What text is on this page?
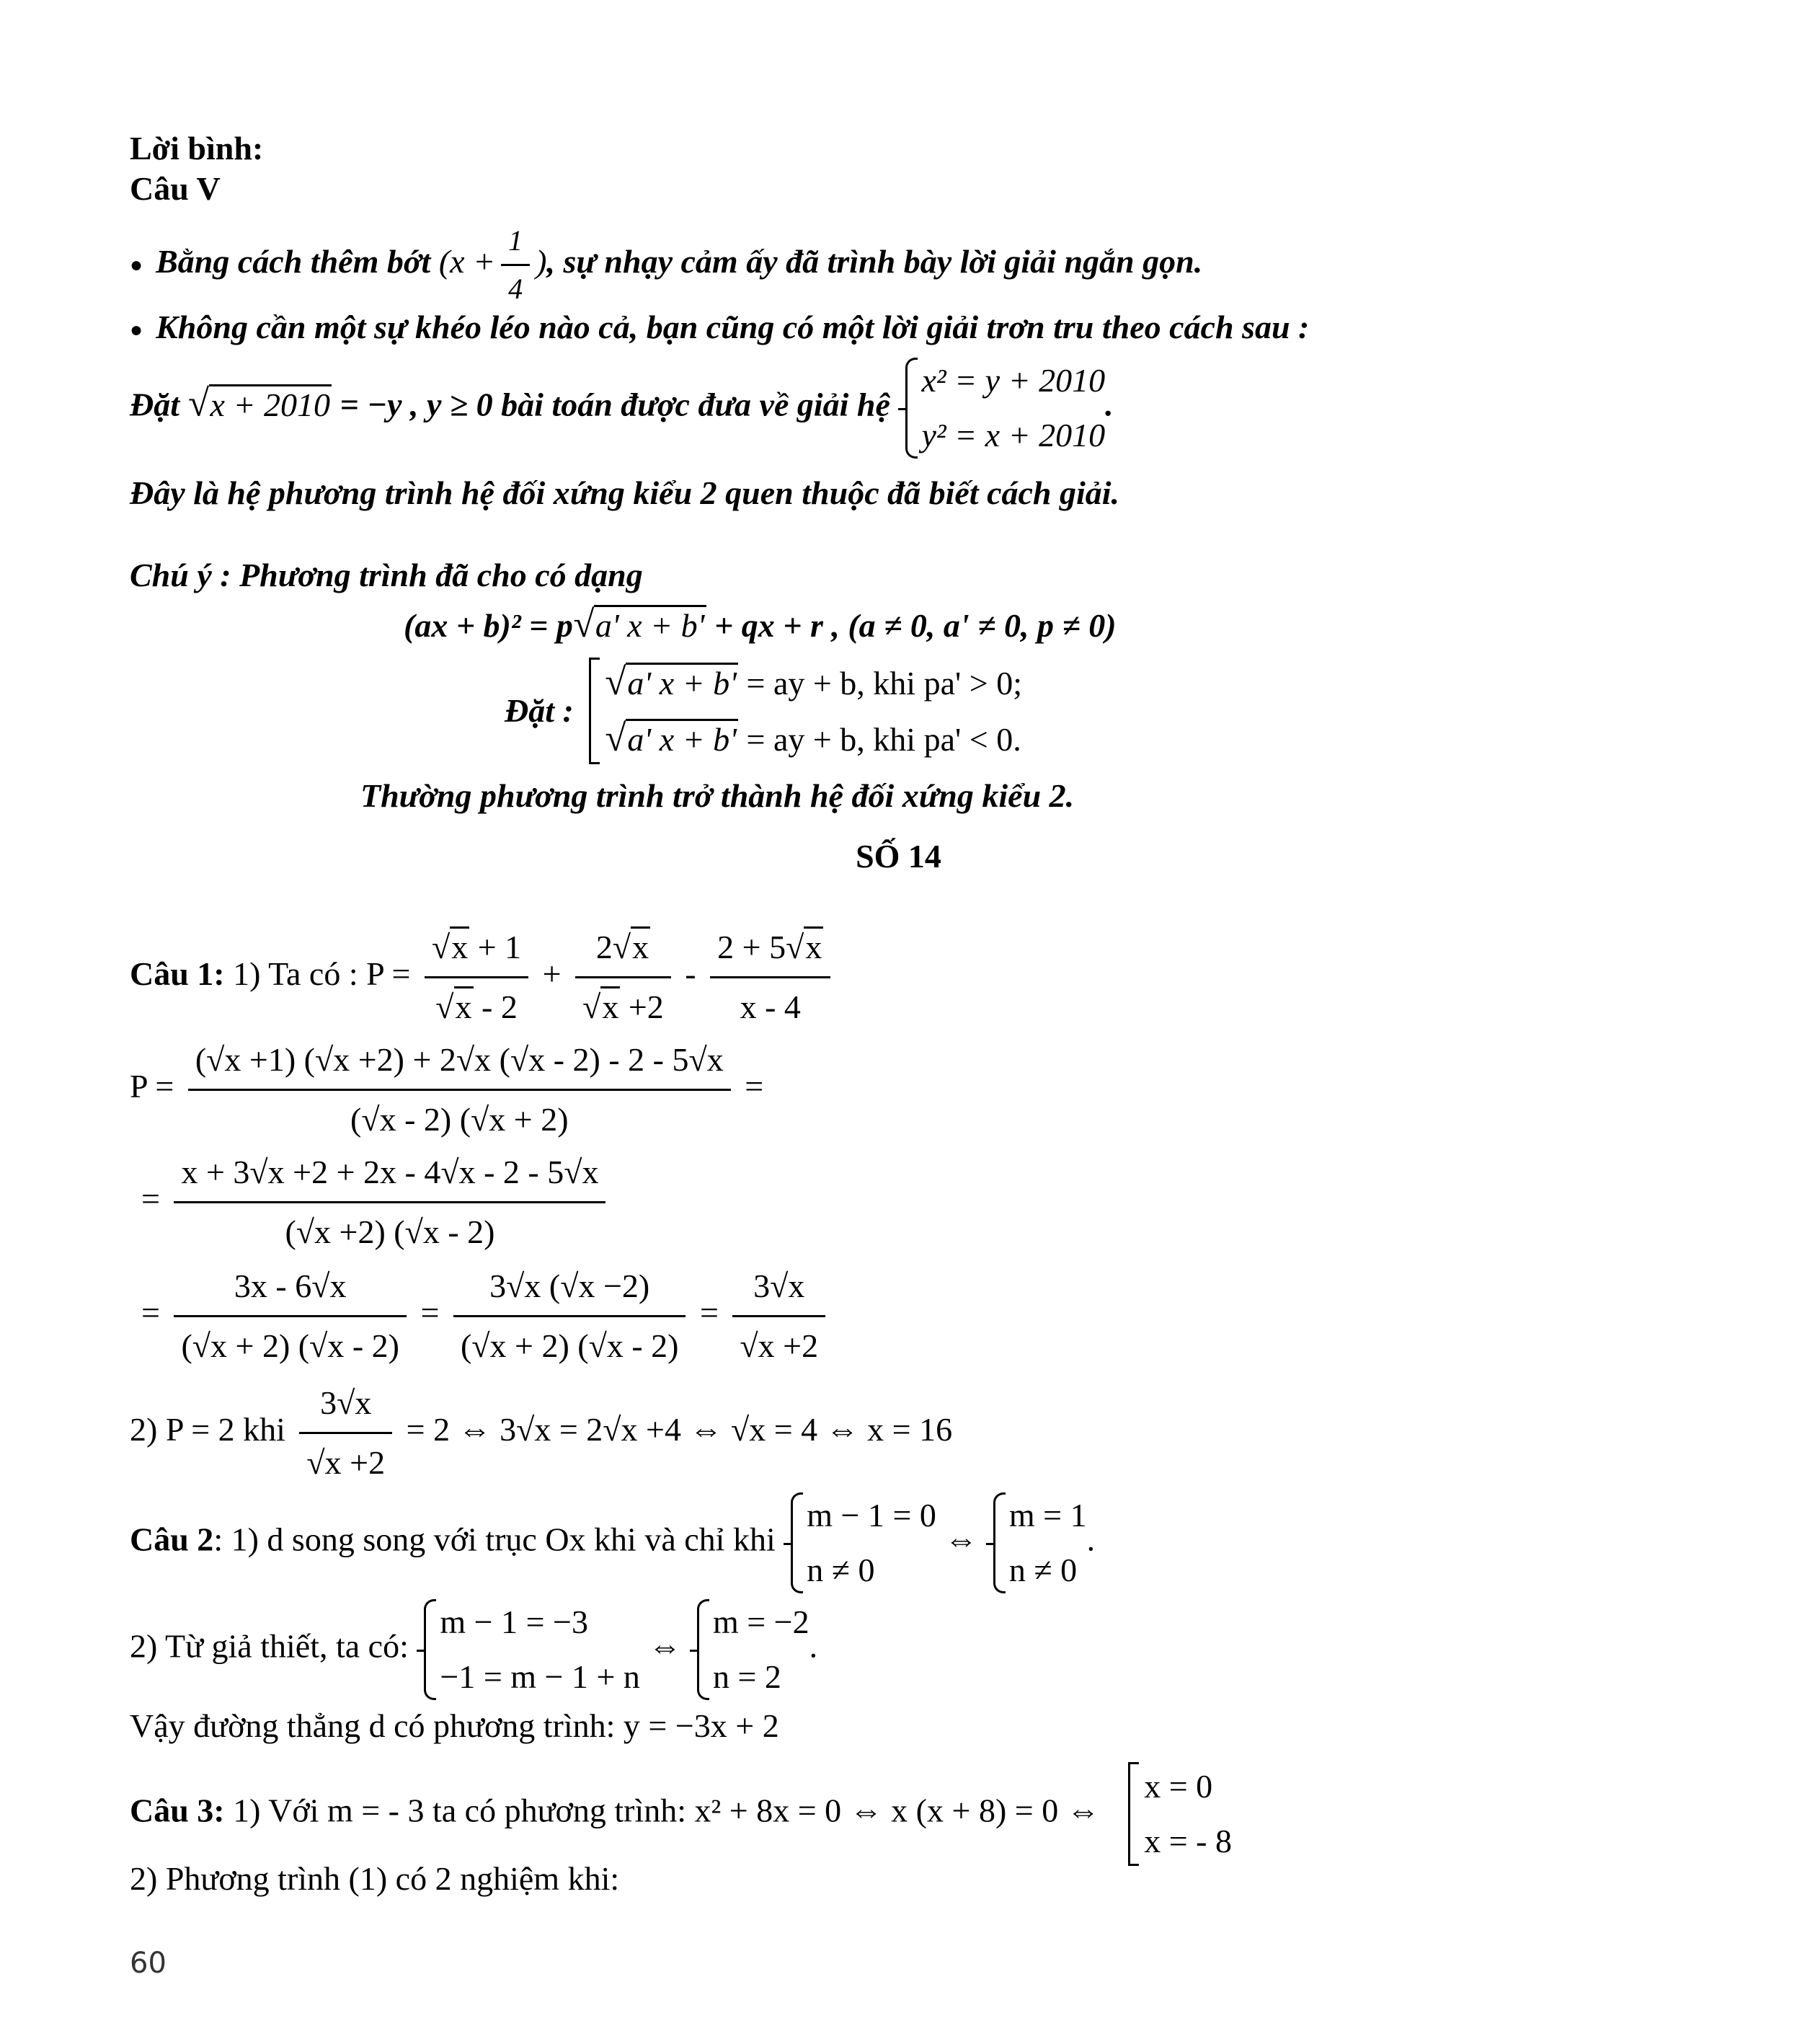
Lời bình:
Câu V
● Bằng cách thêm bớt ($x + \frac{1}{4}$ ), sự nhạy cảm ấy đã trình bày lời giải ngắn gọn.
● Không cần một sự khéo léo nào cả, bạn cũng có một lời giải trơn tru theo cách sau :
Đặt √x + 2010 = −y , y ≥ 0 bài toán được đưa về giải hệ
x² = y + 2010
y² = x + 2010
.
Đây là hệ phương trình hệ đối xứng kiểu 2 quen thuộc đã biết cách giải.
Chú ý : Phương trình đã cho có dạng
(ax + b)² = p√a' x + b' + qx + r , (a ≠ 0, a' ≠ 0, p ≠ 0)
Đặt :
√a' x + b' = ay + b, khi pa' > 0;
√a' x + b' = ay + b, khi pa' < 0.
Thường phương trình trở thành hệ đối xứng kiểu 2.
SỐ 14
Câu 1: 1) Ta có : $P = \frac{√x + 1}{√x - 2} + \frac{2√x}{√x +2} - \frac{2 + 5√x}{x - 4}$
$P = \frac{(√x +1) (√x +2) + 2√x (√x - 2) - 2 - 5√x}{(√x - 2) (√x + 2)}$ =
= $\frac{x + 3√x +2 + 2x - 4√x - 2 - 5√x}{(√x +2) (√x - 2)}$
= $\frac{3x - 6√x}{(√x + 2) (√x - 2)} = \frac{3√x (√x -2)}{(√x + 2) (√x - 2)} = \frac{3√x}{√x +2}$
2) P = 2 khi $\frac{3√x}{√x +2} = 2$ ⇔ 3√x = 2√x +4 ⇔ √x = 4 ⇔ x = 16
Câu 2: 1) d song song với trục Ox khi và chỉ khi
m − 1 = 0
n ≠ 0
⇔
m = 1
n ≠ 0
.
2) Từ giả thiết, ta có:
m − 1 = −3
−1 = m − 1 + n
⇔
m = −2
n = 2
.
Vậy đường thẳng d có phương trình: y = −3x + 2
Câu 3: 1) Với m = - 3 ta có phương trình: x² + 8x = 0 ⇔ x (x + 8) = 0 ⇔
x = 0
x = - 8
2) Phương trình (1) có 2 nghiệm khi:
60
